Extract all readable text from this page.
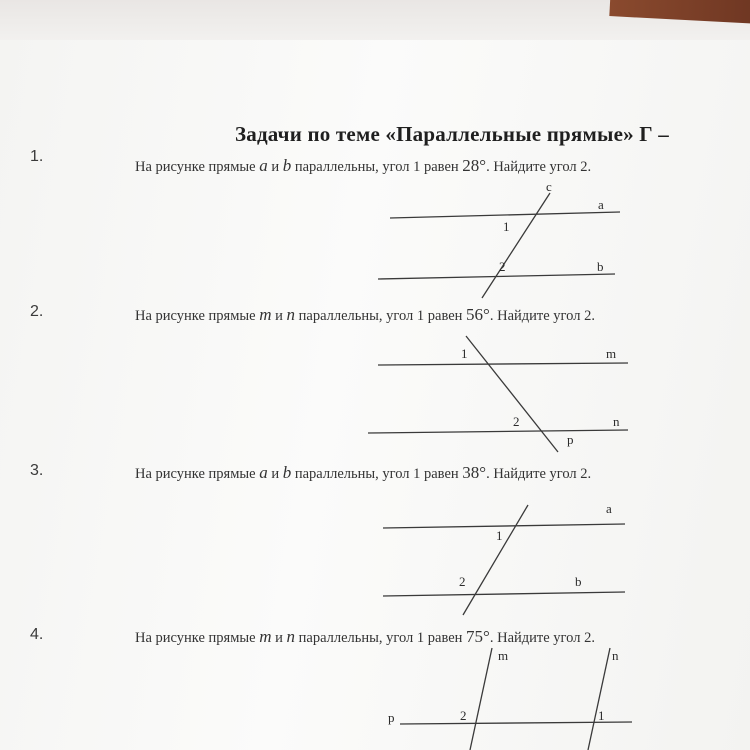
Задачи по теме «Параллельные прямые» Г –
1.
На рисунке прямые a и b параллельны, угол 1 равен 28°. Найдите угол 2.
c
a
b
1
2
2.	На рисунке прямые m и n параллельны, угол 1 равен 56°. Найдите угол 2.
1	m
2	n
p
3.	На рисунке прямые a и b параллельны, угол 1 равен 38°. Найдите угол 2.
a
1
2	b
4.	На рисунке прямые m и n параллельны, угол 1 равен 75°. Найдите угол 2.
m	n
p	2	1
